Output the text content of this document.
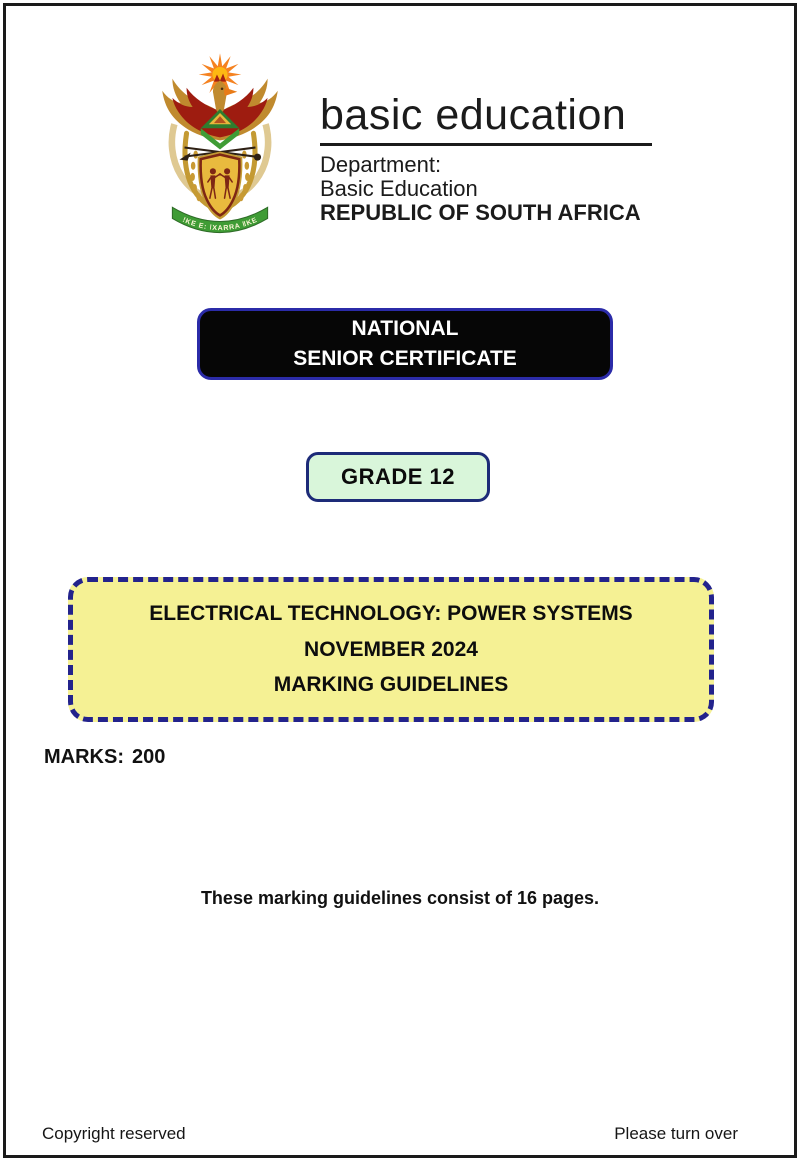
ǃKE E: ǀXARRA ǁKE
basic education
Department:
Basic Education
REPUBLIC OF SOUTH AFRICA
NATIONAL
SENIOR CERTIFICATE
GRADE 12
ELECTRICAL TECHNOLOGY: POWER SYSTEMS
NOVEMBER 2024
MARKING GUIDELINES
MARKS: 200
These marking guidelines consist of 16 pages.
Copyright reserved	Please turn over
